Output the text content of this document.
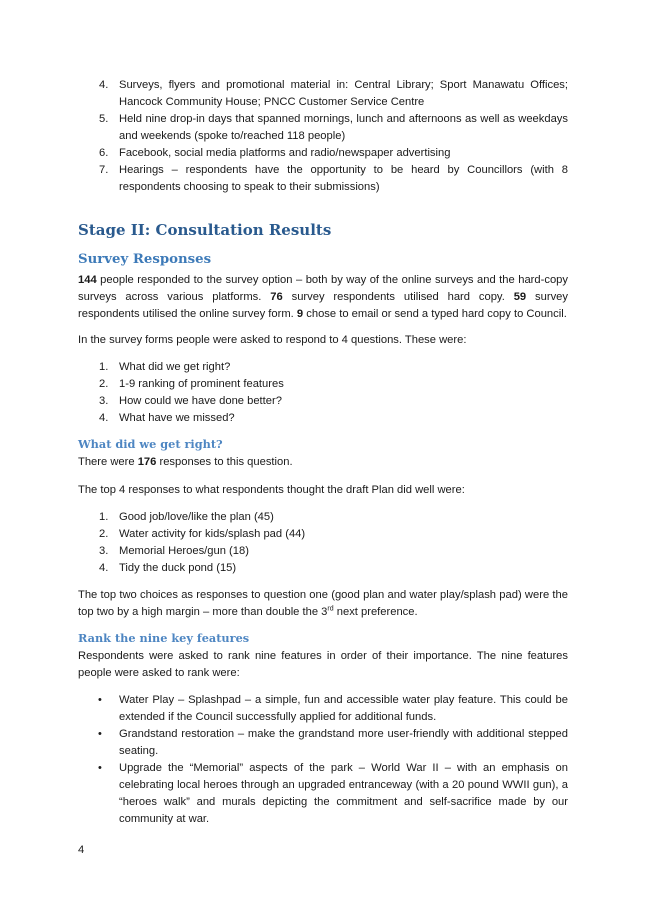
4. Surveys, flyers and promotional material in: Central Library; Sport Manawatu Offices; Hancock Community House; PNCC Customer Service Centre
5. Held nine drop-in days that spanned mornings, lunch and afternoons as well as weekdays and weekends (spoke to/reached 118 people)
6. Facebook, social media platforms and radio/newspaper advertising
7. Hearings – respondents have the opportunity to be heard by Councillors (with 8 respondents choosing to speak to their submissions)
Stage II: Consultation Results
Survey Responses
144 people responded to the survey option – both by way of the online surveys and the hard-copy surveys across various platforms. 76 survey respondents utilised hard copy. 59 survey respondents utilised the online survey form. 9 chose to email or send a typed hard copy to Council.
In the survey forms people were asked to respond to 4 questions. These were:
1. What did we get right?
2. 1-9 ranking of prominent features
3. How could we have done better?
4. What have we missed?
What did we get right?
There were 176 responses to this question.
The top 4 responses to what respondents thought the draft Plan did well were:
1. Good job/love/like the plan (45)
2. Water activity for kids/splash pad (44)
3. Memorial Heroes/gun (18)
4. Tidy the duck pond (15)
The top two choices as responses to question one (good plan and water play/splash pad) were the top two by a high margin – more than double the 3rd next preference.
Rank the nine key features
Respondents were asked to rank nine features in order of their importance. The nine features people were asked to rank were:
• Water Play – Splashpad – a simple, fun and accessible water play feature. This could be extended if the Council successfully applied for additional funds.
• Grandstand restoration – make the grandstand more user-friendly with additional stepped seating.
• Upgrade the “Memorial” aspects of the park – World War II – with an emphasis on celebrating local heroes through an upgraded entranceway (with a 20 pound WWII gun), a “heroes walk” and murals depicting the commitment and self-sacrifice made by our community at war.
4
